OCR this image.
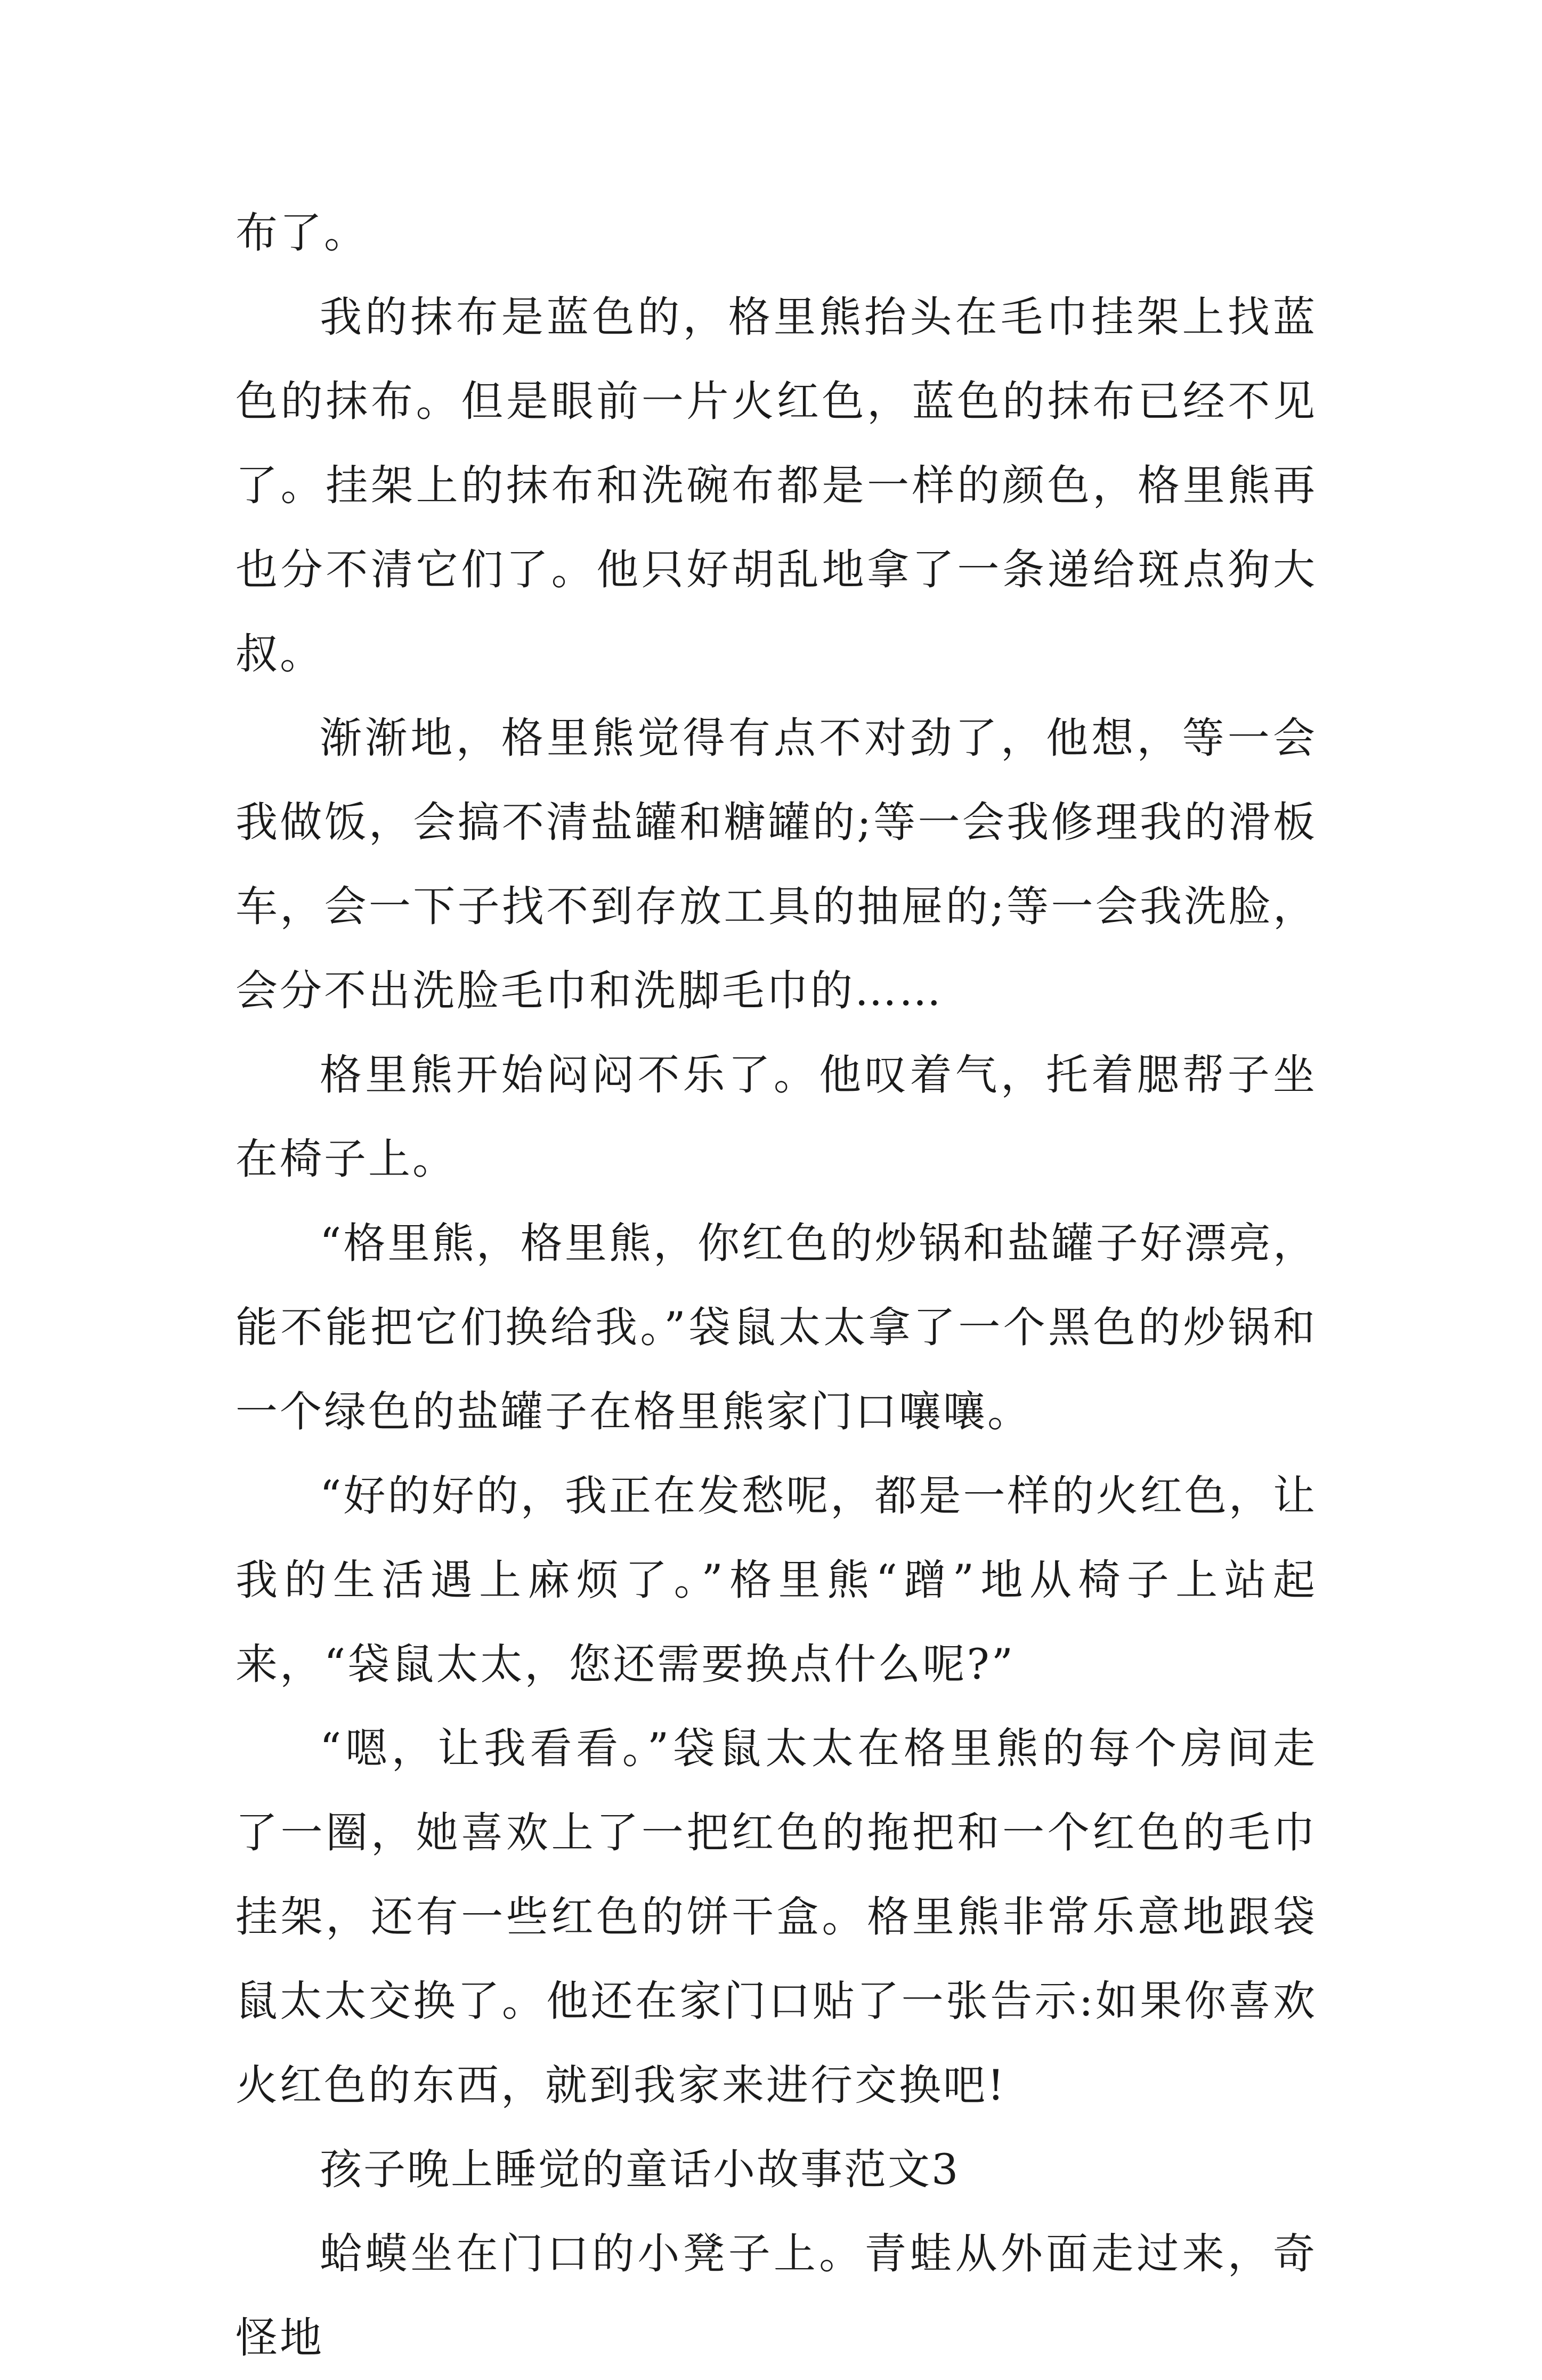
布了。

我的抹布是蓝色的，格里熊抬头在毛巾挂架上找蓝色的抹布。但是眼前一片火红色，蓝色的抹布已经不见了。挂架上的抹布和洗碗布都是一样的颜色，格里熊再也分不清它们了。他只好胡乱地拿了一条递给斑点狗大叔。

渐渐地，格里熊觉得有点不对劲了，他想，等一会我做饭，会搞不清盐罐和糖罐的;等一会我修理我的滑板车，会一下子找不到存放工具的抽屉的;等一会我洗脸，会分不出洗脸毛巾和洗脚毛巾的……

格里熊开始闷闷不乐了。他叹着气，托着腮帮子坐在椅子上。

“格里熊，格里熊，你红色的炒锅和盐罐子好漂亮，能不能把它们换给我。”袋鼠太太拿了一个黑色的炒锅和一个绿色的盐罐子在格里熊家门口嚷嚷。

“好的好的，我正在发愁呢，都是一样的火红色，让我的生活遇上麻烦了。”格里熊“蹭”地从椅子上站起来，“袋鼠太太，您还需要换点什么呢?”

“嗯，让我看看。”袋鼠太太在格里熊的每个房间走了一圈，她喜欢上了一把红色的拖把和一个红色的毛巾挂架，还有一些红色的饼干盒。格里熊非常乐意地跟袋鼠太太交换了。他还在家门口贴了一张告示:如果你喜欢火红色的东西，就到我家来进行交换吧!

孩子晚上睡觉的童话小故事范文3

蛤蟆坐在门口的小凳子上。青蛙从外面走过来，奇怪地
